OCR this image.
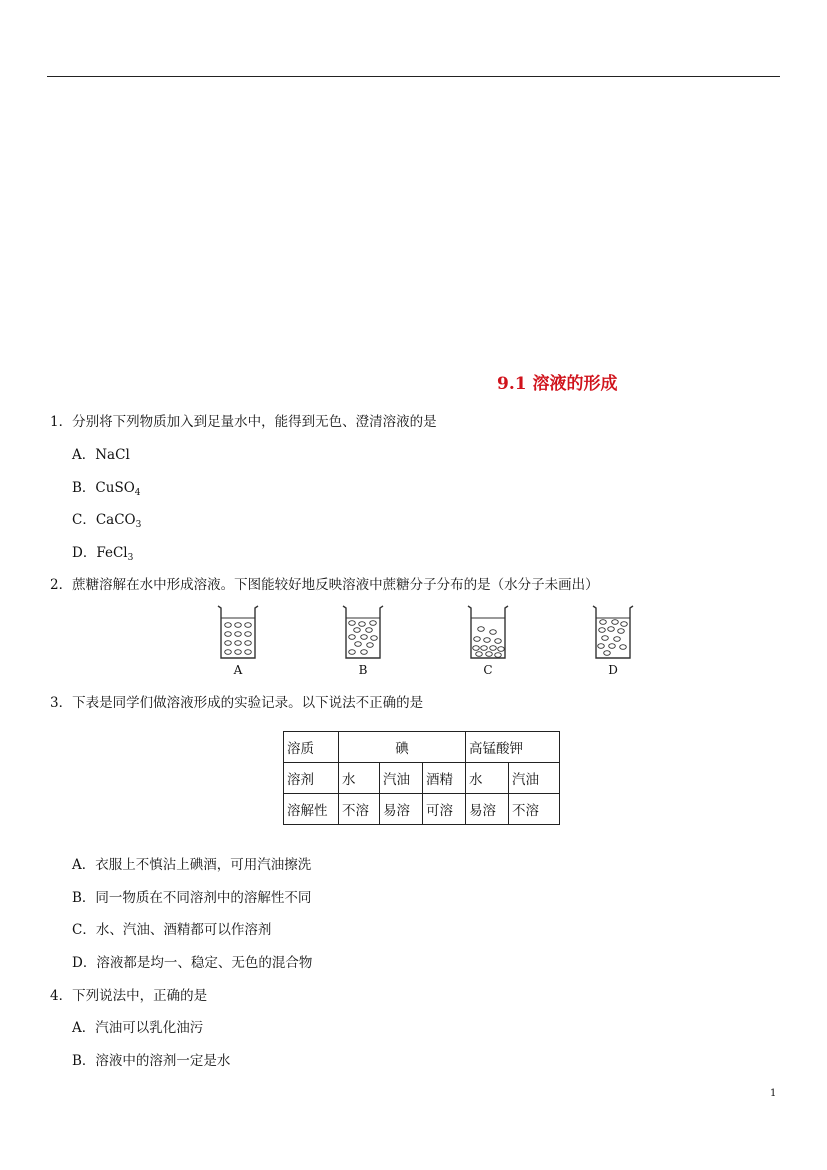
9.1 溶液的形成
1．分别将下列物质加入到足量水中，能得到无色、澄清溶液的是
A．NaCl
B．CuSO$_4$
C．CaCO$_3$
D．FeCl$_3$
2．蔗糖溶解在水中形成溶液。下图能较好地反映溶液中蔗糖分子分布的是（水分子未画出）
A	B	C	D
3．下表是同学们做溶液形成的实验记录。以下说法不正确的是
溶质	碘			高锰酸钾	
溶剂	水	汽油	酒精	水	汽油
溶解性	不溶	易溶	可溶	易溶	不溶
A．衣服上不慎沾上碘酒，可用汽油擦洗
B．同一物质在不同溶剂中的溶解性不同
C．水、汽油、酒精都可以作溶剂
D．溶液都是均一、稳定、无色的混合物
4．下列说法中，正确的是
A．汽油可以乳化油污
B．溶液中的溶剂一定是水
1
